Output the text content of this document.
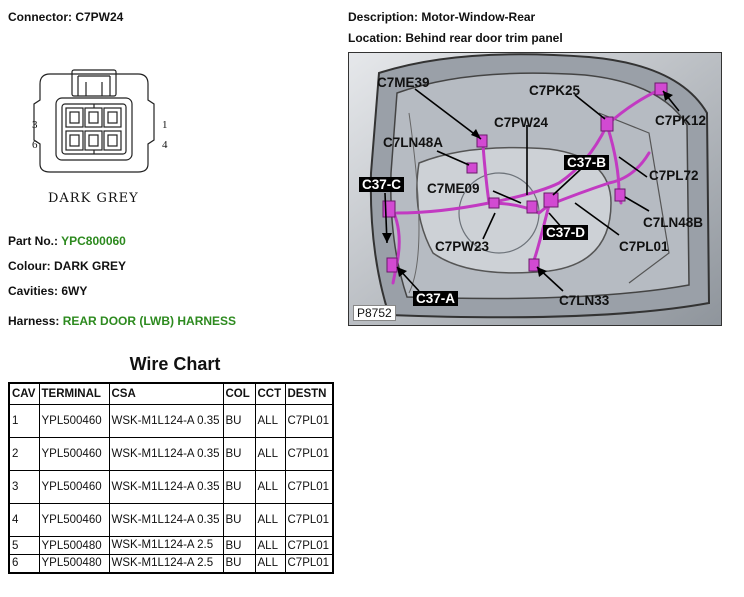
Connector: C7PW24
3	1
6	4
DARK GREY
Part No.: YPC800060
Colour: DARK GREY
Cavities: 6WY
Harness: REAR DOOR (LWB) HARNESS
Description: Motor-Window-Rear
Location: Behind rear door trim panel
C7ME39
C7PK25
C7PK12
C7PW24
C7LN48A
C37-B
C7PL72
C37-C C7ME09
C7LN48B
C37-D
C7PW23	C7PL01
C37-A	C7LN33
P8752
Wire Chart
CAV	TERMINAL	CSA	COL	CCT	DESTN
1	YPL500460	WSK-M1L124-A 0.35	BU	ALL	C7PL01
2	YPL500460	WSK-M1L124-A 0.35	BU	ALL	C7PL01
3	YPL500460	WSK-M1L124-A 0.35	BU	ALL	C7PL01
4	YPL500460	WSK-M1L124-A 0.35	BU	ALL	C7PL01
5	YPL500480	WSK-M1L124-A 2.5	BU	ALL	C7PL01
6	YPL500480	WSK-M1L124-A 2.5	BU	ALL	C7PL01
